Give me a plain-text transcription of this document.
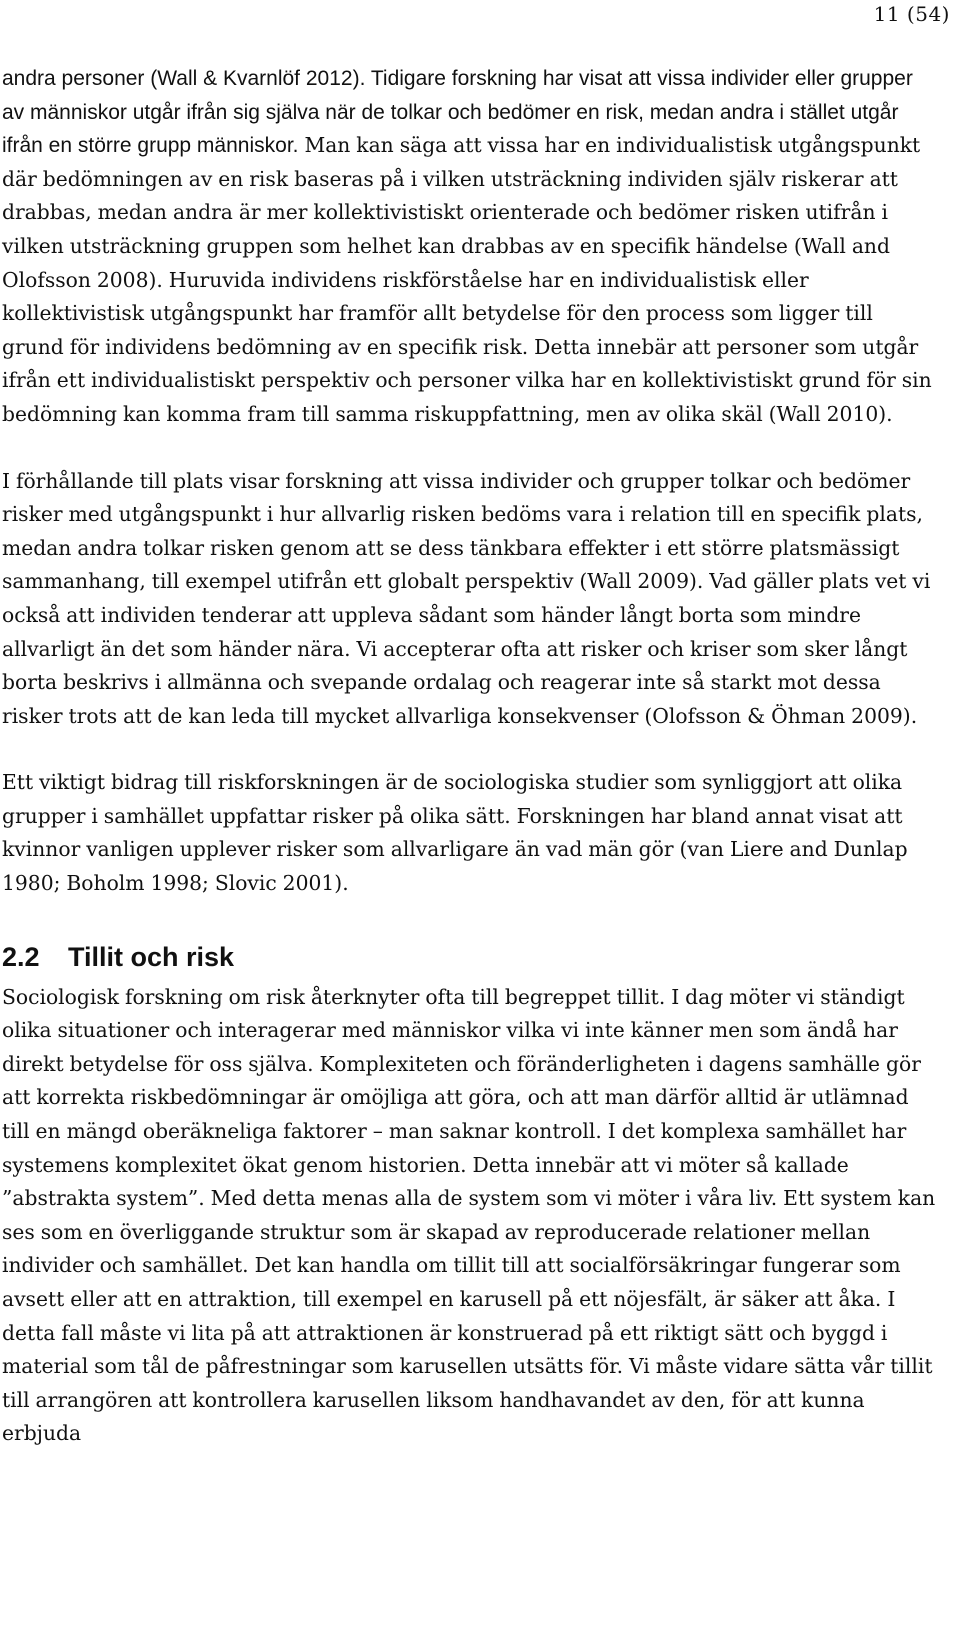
11 (54)

andra personer (Wall & Kvarnlöf 2012). Tidigare forskning har visat att vissa individer eller grupper av människor utgår ifrån sig själva när de tolkar och bedömer en risk, medan andra i stället utgår ifrån en större grupp människor. Man kan säga att vissa har en individualistisk utgångspunkt där bedömningen av en risk baseras på i vilken utsträckning individen själv riskerar att drabbas, medan andra är mer kollektivistiskt orienterade och bedömer risken utifrån i vilken utsträckning gruppen som helhet kan drabbas av en specifik händelse (Wall and Olofsson 2008). Huruvida individens riskförståelse har en individualistisk eller kollektivistisk utgångspunkt har framför allt betydelse för den process som ligger till grund för individens bedömning av en specifik risk. Detta innebär att personer som utgår ifrån ett individualistiskt perspektiv och personer vilka har en kollektivistiskt grund för sin bedömning kan komma fram till samma riskuppfattning, men av olika skäl (Wall 2010).

I förhållande till plats visar forskning att vissa individer och grupper tolkar och bedömer risker med utgångspunkt i hur allvarlig risken bedöms vara i relation till en specifik plats, medan andra tolkar risken genom att se dess tänkbara effekter i ett större platsmässigt sammanhang, till exempel utifrån ett globalt perspektiv (Wall 2009). Vad gäller plats vet vi också att individen tenderar att uppleva sådant som händer långt borta som mindre allvarligt än det som händer nära. Vi accepterar ofta att risker och kriser som sker långt borta beskrivs i allmänna och svepande ordalag och reagerar inte så starkt mot dessa risker trots att de kan leda till mycket allvarliga konsekvenser (Olofsson & Öhman 2009).

Ett viktigt bidrag till riskforskningen är de sociologiska studier som synliggjort att olika grupper i samhället uppfattar risker på olika sätt. Forskningen har bland annat visat att kvinnor vanligen upplever risker som allvarligare än vad män gör (van Liere and Dunlap 1980; Boholm 1998; Slovic 2001).

2.2 Tillit och risk

Sociologisk forskning om risk återknyter ofta till begreppet tillit. I dag möter vi ständigt olika situationer och interagerar med människor vilka vi inte känner men som ändå har direkt betydelse för oss själva. Komplexiteten och föränderligheten i dagens samhälle gör att korrekta riskbedömningar är omöjliga att göra, och att man därför alltid är utlämnad till en mängd oberäkneliga faktorer – man saknar kontroll. I det komplexa samhället har systemens komplexitet ökat genom historien. Detta innebär att vi möter så kallade ”abstrakta system”. Med detta menas alla de system som vi möter i våra liv. Ett system kan ses som en överliggande struktur som är skapad av reproducerade relationer mellan individer och samhället. Det kan handla om tillit till att socialförsäkringar fungerar som avsett eller att en attraktion, till exempel en karusell på ett nöjesfält, är säker att åka. I detta fall måste vi lita på att attraktionen är konstruerad på ett riktigt sätt och byggd i material som tål de påfrestningar som karusellen utsätts för. Vi måste vidare sätta vår tillit till arrangören att kontrollera karusellen liksom handhavandet av den, för att kunna erbjuda
